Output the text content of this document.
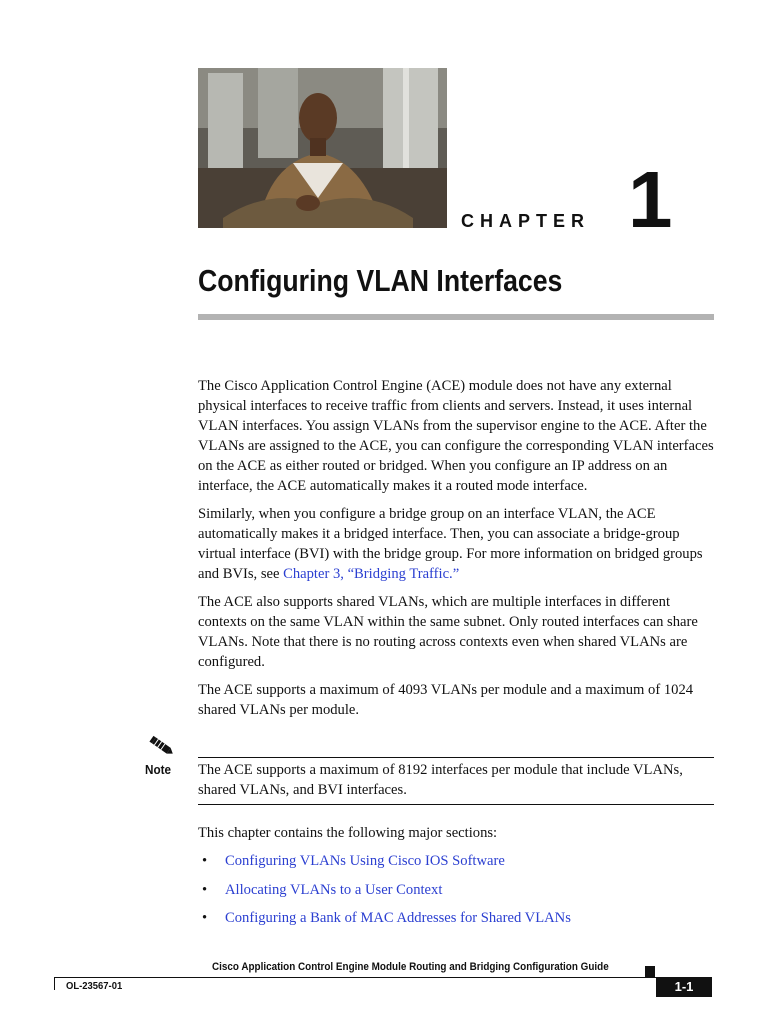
CHAPTER 1
Configuring VLAN Interfaces

The Cisco Application Control Engine (ACE) module does not have any external physical interfaces to receive traffic from clients and servers. Instead, it uses internal VLAN interfaces. You assign VLANs from the supervisor engine to the ACE. After the VLANs are assigned to the ACE, you can configure the corresponding VLAN interfaces on the ACE as either routed or bridged. When you configure an IP address on an interface, the ACE automatically makes it a routed mode interface.

Similarly, when you configure a bridge group on an interface VLAN, the ACE automatically makes it a bridged interface. Then, you can associate a bridge-group virtual interface (BVI) with the bridge group. For more information on bridged groups and BVIs, see Chapter 3, “Bridging Traffic.”

The ACE also supports shared VLANs, which are multiple interfaces in different contexts on the same VLAN within the same subnet. Only routed interfaces can share VLANs. Note that there is no routing across contexts even when shared VLANs are configured.

The ACE supports a maximum of 4093 VLANs per module and a maximum of 1024 shared VLANs per module.

Note The ACE supports a maximum of 8192 interfaces per module that include VLANs, shared VLANs, and BVI interfaces.
This chapter contains the following major sections:
• Configuring VLANs Using Cisco IOS Software
• Allocating VLANs to a User Context
• Configuring a Bank of MAC Addresses for Shared VLANs
Cisco Application Control Engine Module Routing and Bridging Configuration Guide
OL-23567-01	1-1
